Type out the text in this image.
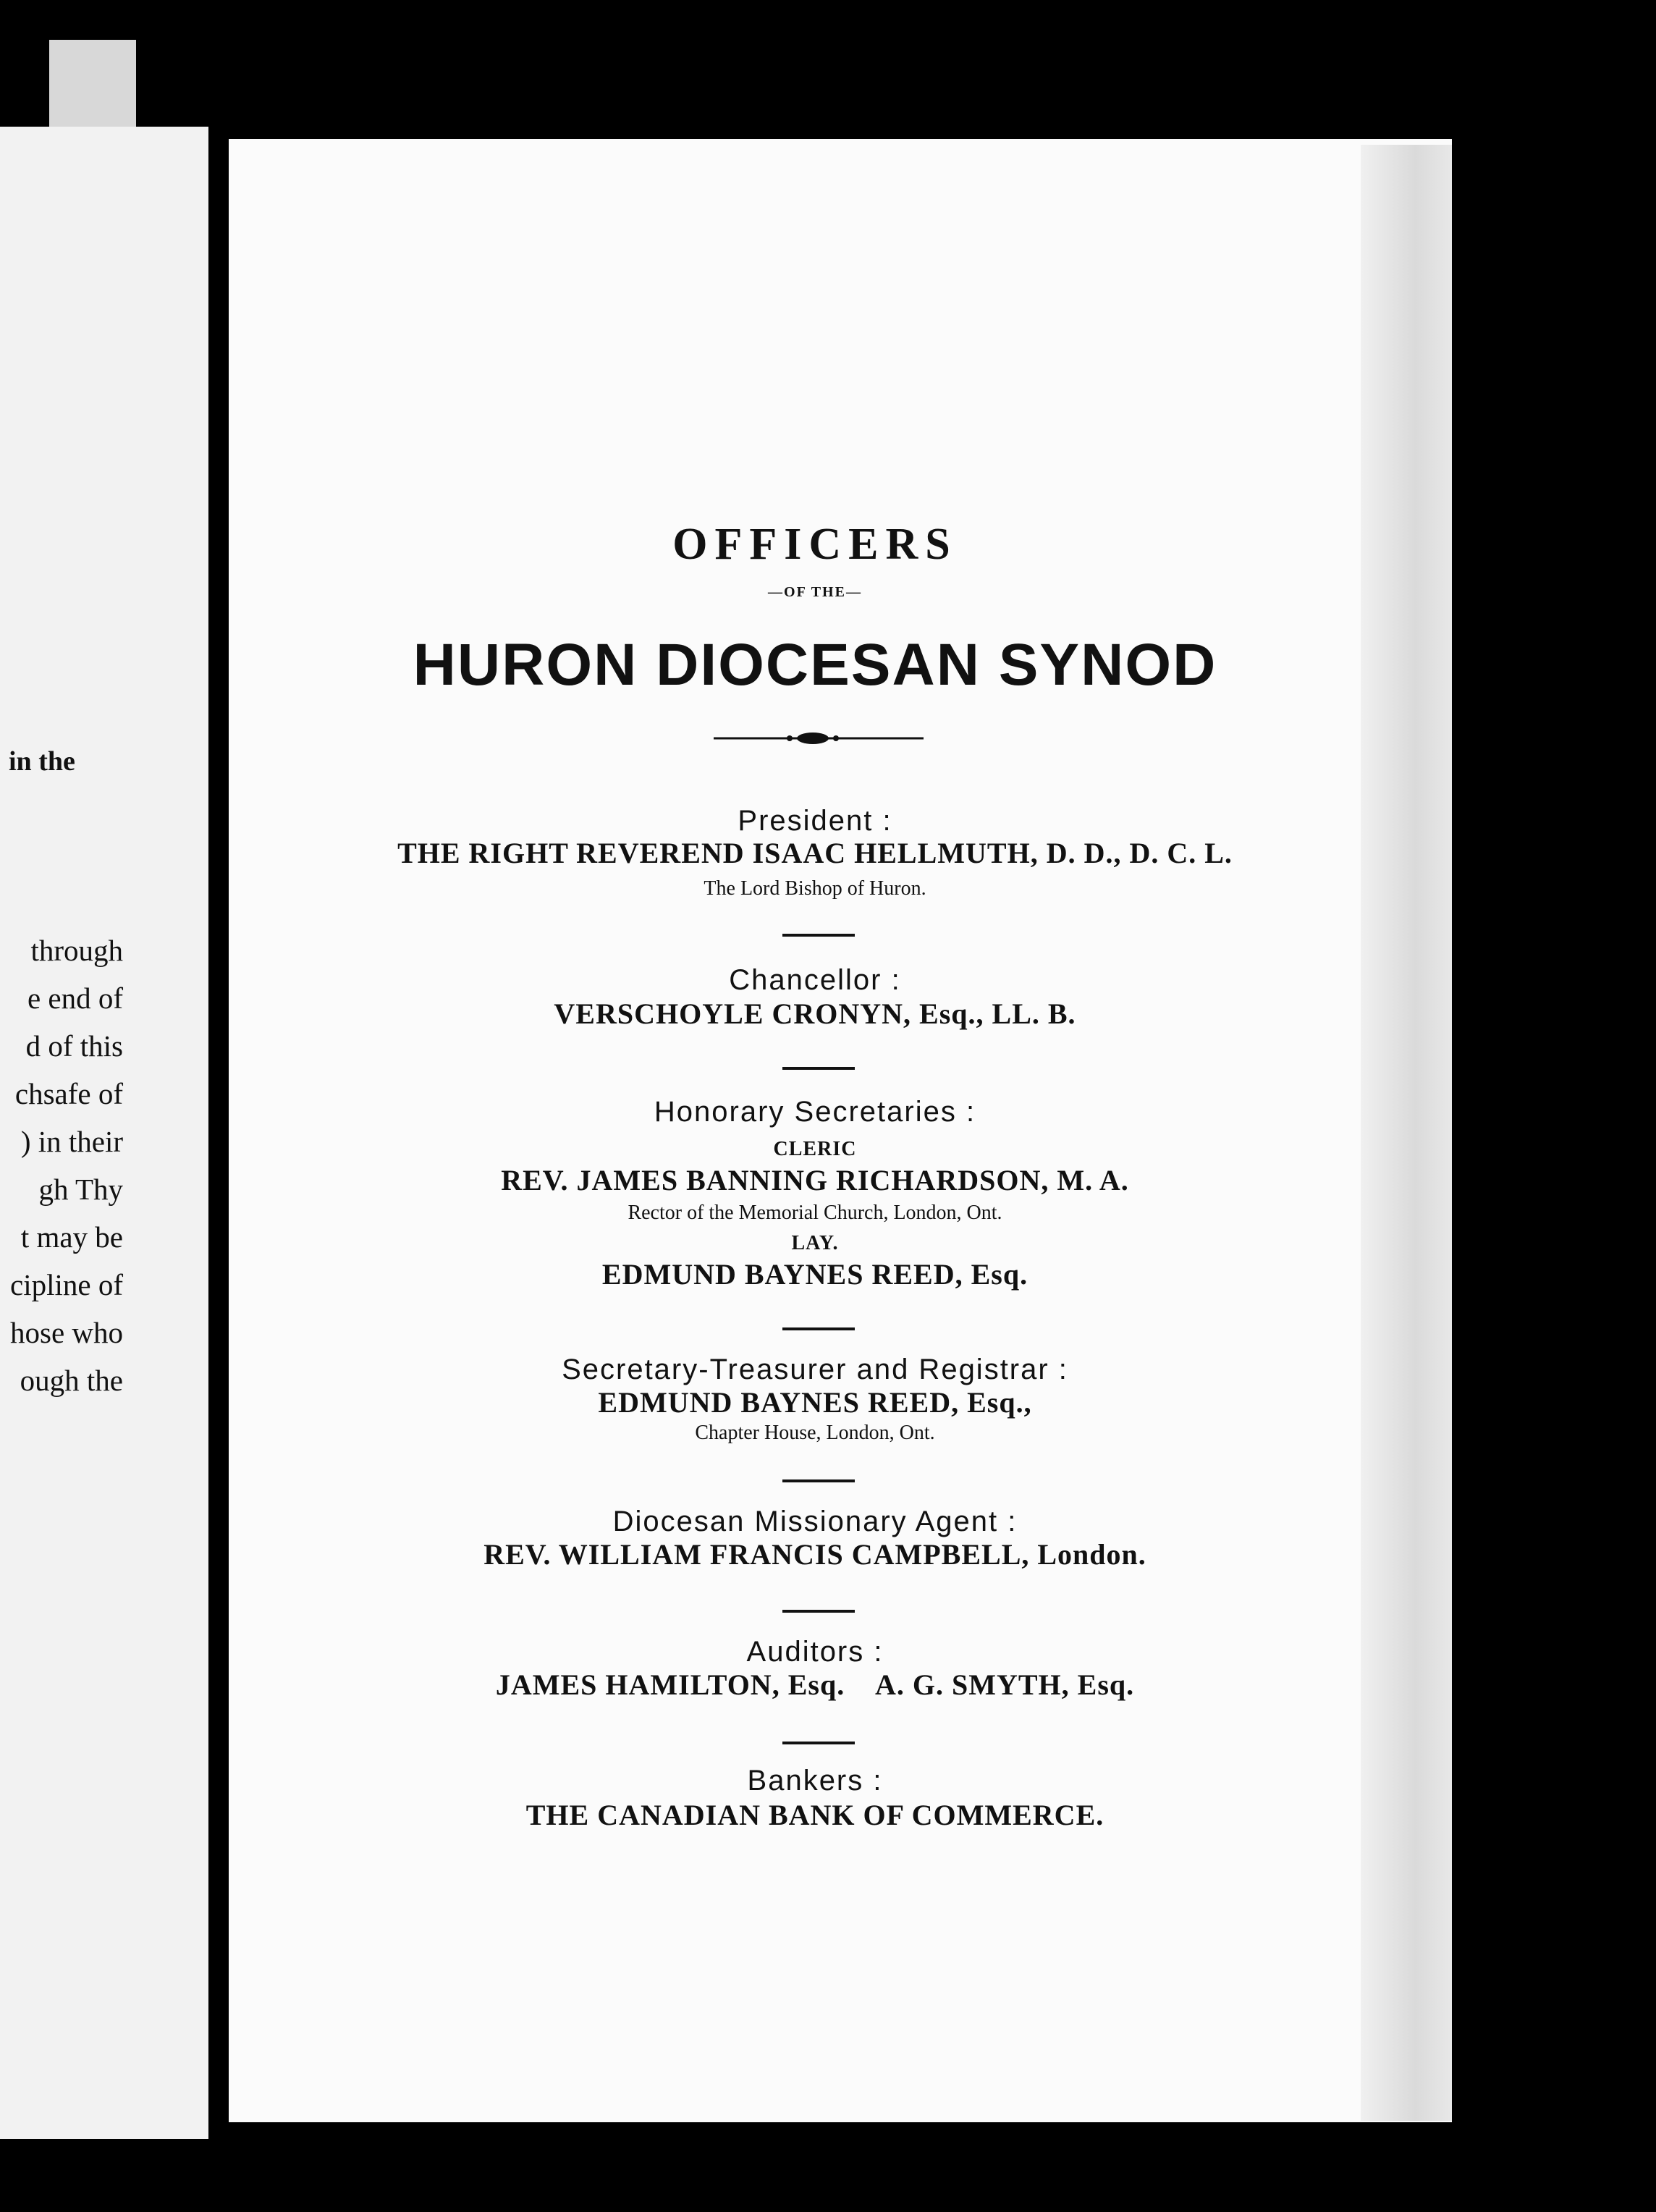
in the
through
e end of
d of this
chsafe of
) in their
gh Thy
t may be
cipline of
hose who
ough the
OFFICERS
—OF THE—
HURON DIOCESAN SYNOD
President :
THE RIGHT REVEREND ISAAC HELLMUTH, D. D., D. C. L.
The Lord Bishop of Huron.
Chancellor :
VERSCHOYLE CRONYN, Esq., LL. B.
Honorary Secretaries :
CLERIC
REV. JAMES BANNING RICHARDSON, M. A.
Rector of the Memorial Church, London, Ont.
LAY.
EDMUND BAYNES REED, Esq.
Secretary-Treasurer and Registrar :
EDMUND BAYNES REED, Esq.,
Chapter House, London, Ont.
Diocesan Missionary Agent :
REV. WILLIAM FRANCIS CAMPBELL, London.
Auditors :
JAMES HAMILTON, Esq.    A. G. SMYTH, Esq.
Bankers :
THE CANADIAN BANK OF COMMERCE.
